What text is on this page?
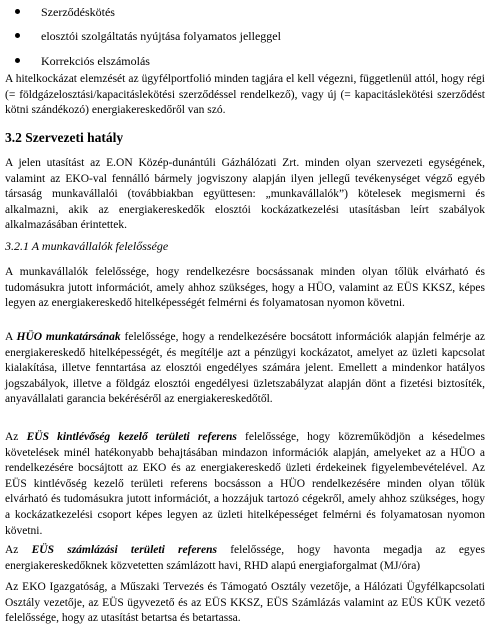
Szerződéskötés
elosztói szolgáltatás nyújtása folyamatos jelleggel
Korrekciós elszámolás

A hitelkockázat elemzését az ügyfélportfolió minden tagjára el kell végezni, függetlenül attól, hogy régi (= földgázelosztási/kapacitáslekötési szerződéssel rendelkező), vagy új (= kapacitáslekötési szerződést kötni szándékozó) energiakereskedőről van szó.

3.2 Szervezeti hatály

A jelen utasítást az E.ON Közép-dunántúli Gázhálózati Zrt. minden olyan szervezeti egységének, valamint az EKO-val fennálló bármely jogviszony alapján ilyen jellegű tevékenységet végző egyéb társaság munkavállalói (továbbiakban együttesen: „munkavállalók”) kötelesek megismerni és alkalmazni, akik az energiakereskedők elosztói kockázatkezelési utasításban leírt szabályok alkalmazásában érintettek.

3.2.1 A munkavállalók felelőssége

A munkavállalók felelőssége, hogy rendelkezésre bocsássanak minden olyan tőlük elvárható és tudomásukra jutott információt, amely ahhoz szükséges, hogy a HÜO, valamint az EÜS KKSZ, képes legyen az energiakereskedő hitelképességét felmérni és folyamatosan nyomon követni.

A HÜO munkatársának felelőssége, hogy a rendelkezésére bocsátott információk alapján felmérje az energiakereskedő hitelképességét, és megítélje azt a pénzügyi kockázatot, amelyet az üzleti kapcsolat kialakítása, illetve fenntartása az elosztói engedélyes számára jelent. Emellett a mindenkor hatályos jogszabályok, illetve a földgáz elosztói engedélyesi üzletszabályzat alapján dönt a fizetési biztosíték, anyavállalati garancia bekéréséről az energiakereskedőtől.

Az EÜS kintlévőség kezelő területi referens felelőssége, hogy közreműködjön a késedelmes követelések minél hatékonyabb behajtásában mindazon információk alapján, amelyeket az a HÜO a rendelkezésére bocsájtott az EKO és az energiakereskedő üzleti érdekeinek figyelembevételével. Az EÜS kintlévőség kezelő területi referens bocsásson a HÜO rendelkezésére minden olyan tőlük elvárható és tudomásukra jutott információt, a hozzájuk tartozó cégekről, amely ahhoz szükséges, hogy a kockázatkezelési csoport képes legyen az üzleti hitelképességet felmérni és folyamatosan nyomon követni.

Az EÜS számlázási területi referens felelőssége, hogy havonta megadja az egyes energiakereskedőknek közvetetten számlázott havi, RHD alapú energiaforgalmat (MJ/óra)

Az EKO Igazgatóság, a Műszaki Tervezés és Támogató Osztály vezetője, a Hálózati Ügyfélkapcsolati Osztály vezetője, az EÜS ügyvezető és az EÜS KKSZ, EÜS Számlázás valamint az EÜS KÜK vezető felelőssége, hogy az utasítást betartsa és betartassa.
